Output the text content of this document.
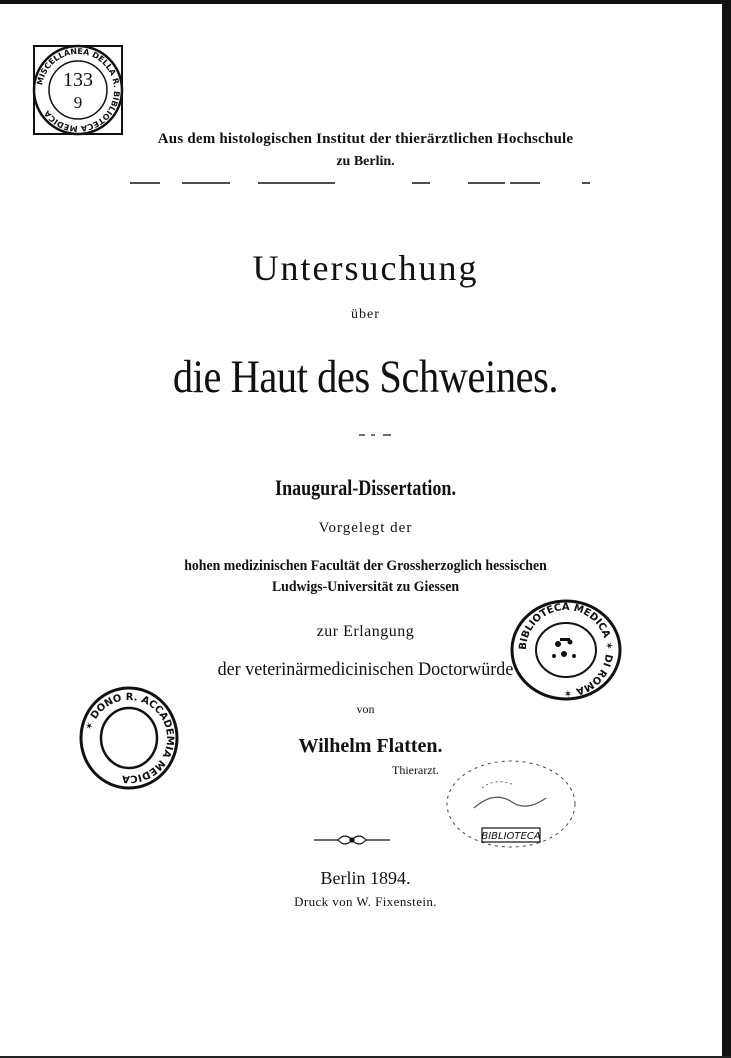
MISCELLANEA DELLA R. BIBLIOTECA MEDICA
133
9
Aus dem histologischen Institut der thierärztlichen Hochschule
zu Berlin.
Untersuchung
über
die Haut des Schweines.
Inaugural-Dissertation.
Vorgelegt der
hohen medizinischen Facultät der Grossherzoglich hessischen
Ludwigs-Universität zu Giessen
zur Erlangung
der veterinärmedicinischen Doctorwürde
von
Wilhelm Flatten.
Thierarzt.
BIBLIOTECA MEDICA ✶ DI ROMA ✶
✶ DONO R. ACCADEMIA MEDICA
BIBLIOTECA
Berlin 1894.
Druck von W. Fixenstein.
